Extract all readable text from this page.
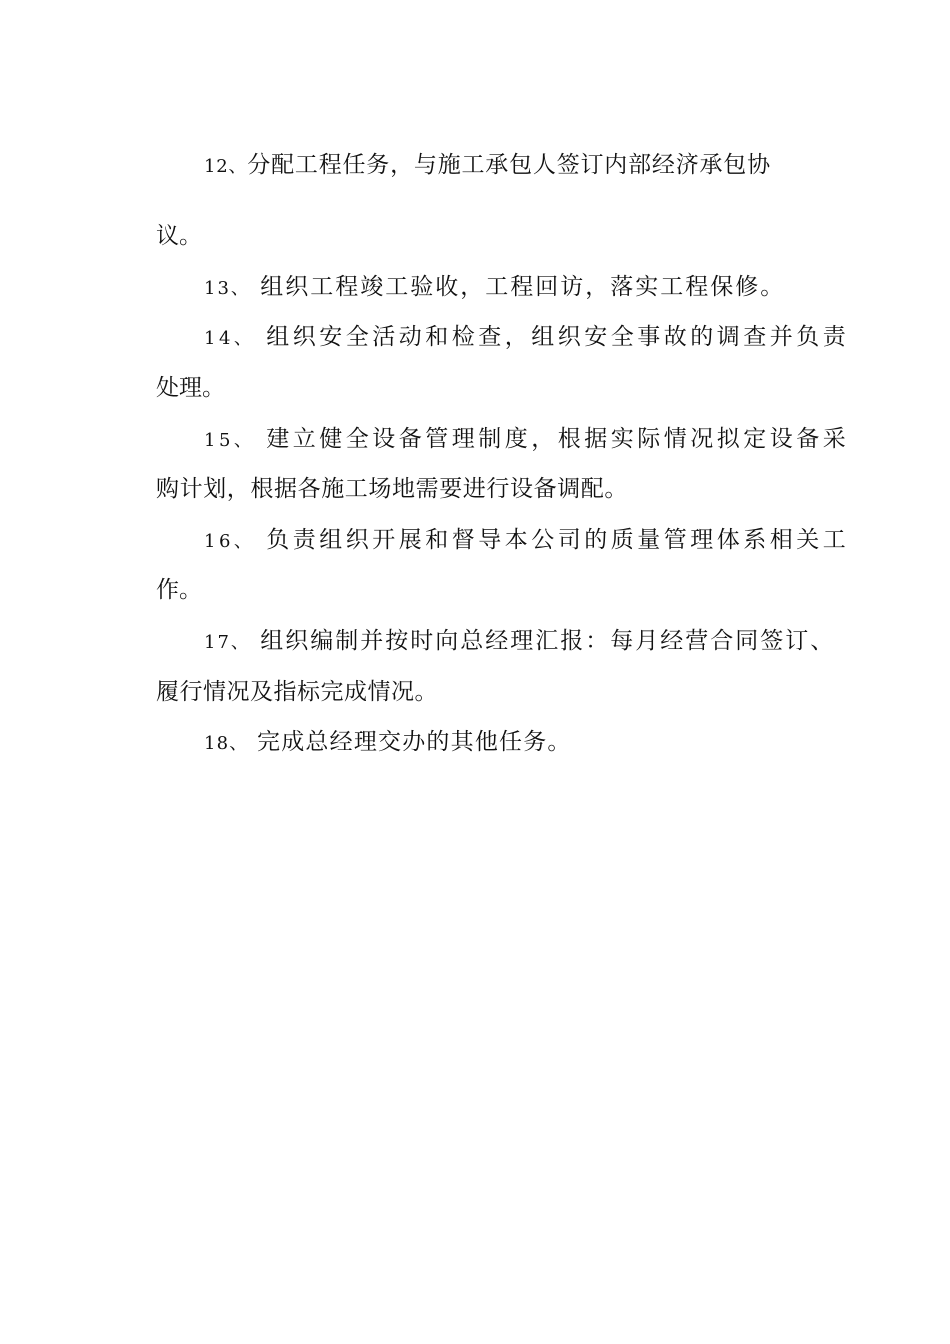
12、分配工程任务，与施工承包人签订内部经济承包协
议。
13、 组织工程竣工验收，工程回访，落实工程保修。
14、 组织安全活动和检查，组织安全事故的调查并负责
处理。
15、 建立健全设备管理制度，根据实际情况拟定设备采
购计划，根据各施工场地需要进行设备调配。
16、 负责组织开展和督导本公司的质量管理体系相关工
作。
17、 组织编制并按时向总经理汇报：每月经营合同签订、
履行情况及指标完成情况。
18、 完成总经理交办的其他任务。
